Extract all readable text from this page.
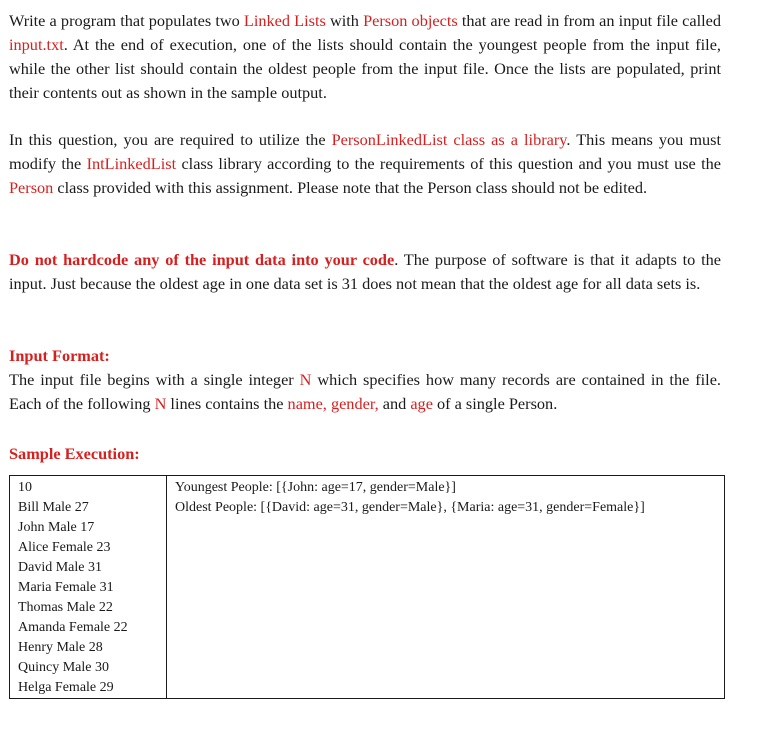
Write a program that populates two Linked Lists with Person objects that are read in from an input file called input.txt. At the end of execution, one of the lists should contain the youngest people from the input file, while the other list should contain the oldest people from the input file. Once the lists are populated, print their contents out as shown in the sample output.

In this question, you are required to utilize the PersonLinkedList class as a library. This means you must modify the IntLinkedList class library according to the requirements of this question and you must use the Person class provided with this assignment. Please note that the Person class should not be edited.

Do not hardcode any of the input data into your code. The purpose of software is that it adapts to the input. Just because the oldest age in one data set is 31 does not mean that the oldest age for all data sets is.

Input Format:
The input file begins with a single integer N which specifies how many records are contained in the file. Each of the following N lines contains the name, gender, and age of a single Person.
Sample Execution:
10
Bill Male 27
John Male 17
Alice Female 23
David Male 31
Maria Female 31
Thomas Male 22
Amanda Female 22
Henry Male 28
Quincy Male 30
Helga Female 29

Youngest People: [{John: age=17, gender=Male}]
Oldest People: [{David: age=31, gender=Male}, {Maria: age=31, gender=Female}]
